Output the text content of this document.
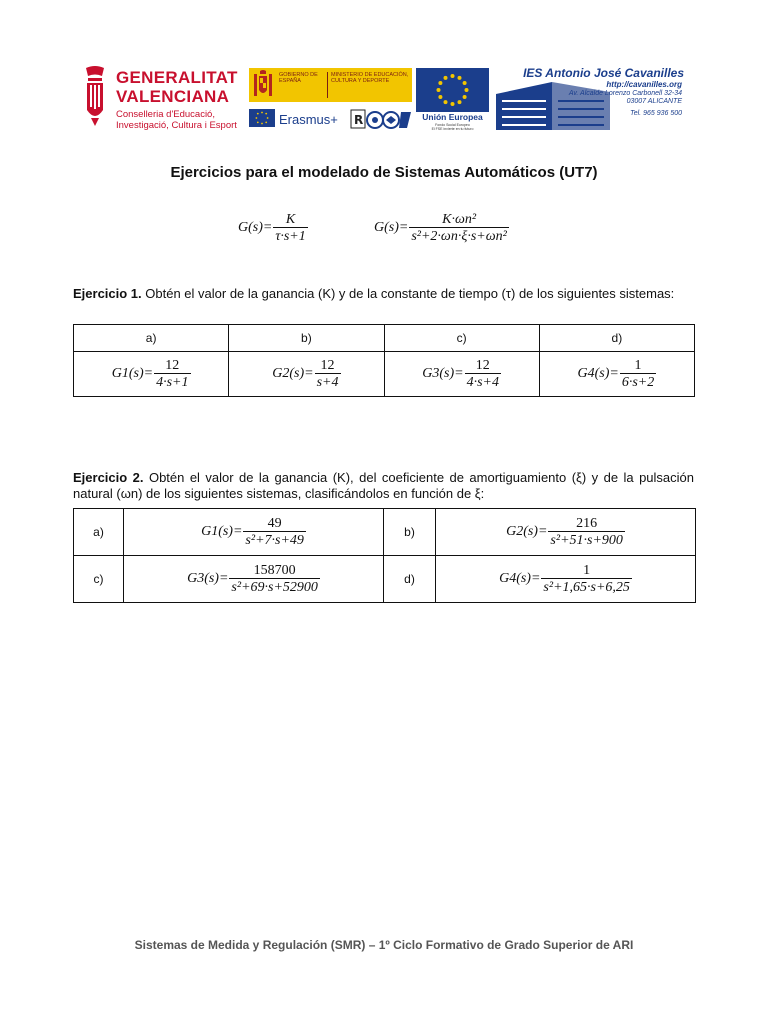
GENERALITAT
VALENCIANA
Conselleria d'Educació,
Investigació, Cultura i Esport
GOBIERNO DE ESPAÑA
MINISTERIO DE EDUCACIÓN, CULTURA Y DEPORTE
Erasmus+ R	Unión Europea
Fondo Social Europeo
El FSE invierte en tu futuro
IES Antonio José Cavanilles
http://cavanilles.org
Av. Alcalde Lorenzo Carbonell 32-34
03007 ALICANTE
Tel. 965 936 500
Ejercicios para el modelado de Sistemas Automáticos (UT7)
$G(s)= \frac{K}{\tau\cdot s+1}$	$G(s)= \frac{\text{K·ωn²}}{\text{s²+2·ωn·ξ·s+ωn²}}$
Ejercicio 1. Obtén el valor de la ganancia (K) y de la constante de tiempo (τ) de los siguientes sistemas:
a)	b)	c)	d)

$G1(s)= \frac{12}{4\cdot s+1}$	$G2(s)= \frac{12}{s+4}$	$G3(s)= \frac{12}{4\cdot s+4}$	$G4(s)= \frac{1}{6\cdot s+2}$
Ejercicio 2. Obtén el valor de la ganancia (K), del coeficiente de amortiguamiento (ξ) y de la pulsación natural (ωn) de los siguientes sistemas, clasificándolos en función de ξ:
a)	$G1(s)= \frac{49}{\text{s²+7·s+49}}$	b)	$G2(s)= \frac{216}{\text{s²+51·s+900}}$

c)	$G3(s)= \frac{158700}{\text{s²+69·s+52900}}$	d)	$G4(s)= \frac{1}{\text{s²+1,65·s+6,25}}$
Sistemas de Medida y Regulación (SMR) – 1º Ciclo Formativo de Grado Superior de ARI
